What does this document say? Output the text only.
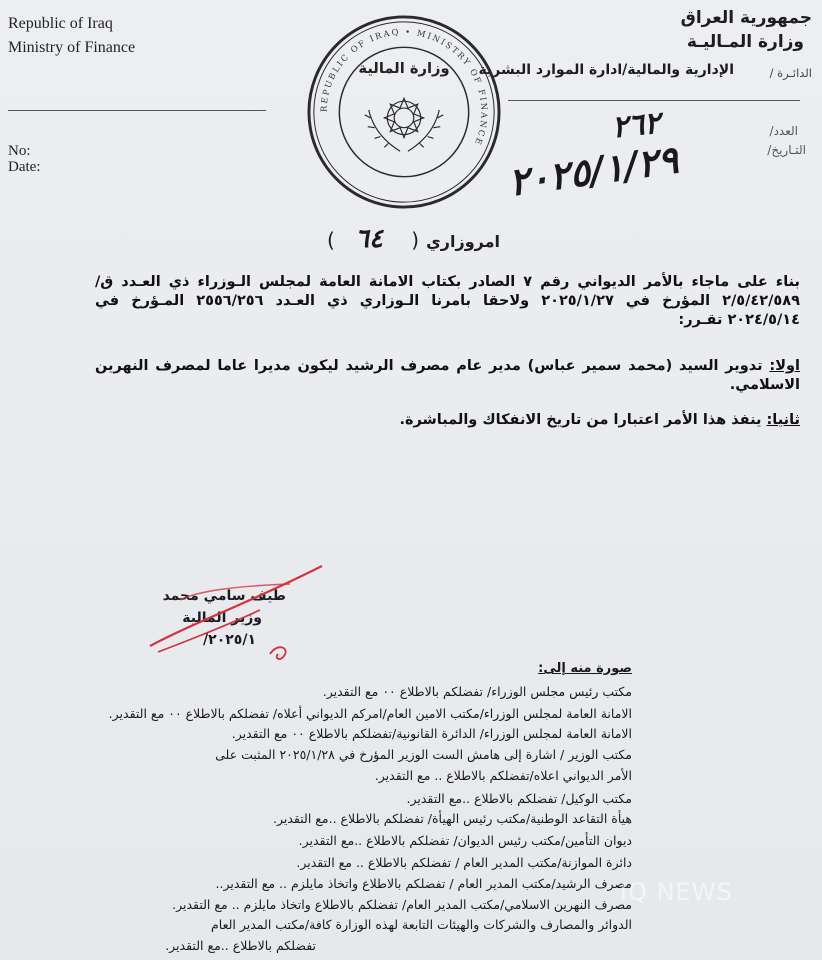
Republic of Iraq
Ministry of Finance
No:
Date:
جمهورية العراق
وزارة المـاليـة
الدائـرة /
الإدارية والمالية/ادارة الموارد البشرية
العدد/
التـاريخ/
٢٦٢
٢٠٢٥/١/٢٩
REPUBLIC OF IRAQ • MINISTRY OF FINANCE
وزارة المالية
امروزاري
( ٦٤ )
بناء على ماجاء بالأمر الديواني رقم ٧ الصادر بكتاب الامانة العامة لمجلس الـوزراء ذي العـدد ق/٢/٥/٤٢/٥٨٩ المؤرخ في ٢٠٢٥/١/٢٧ ولاحقا بامرنا الـوزاري ذي العـدد ٢٥٥٦/٢٥٦ المـؤرخ في ٢٠٢٤/٥/١٤ تقـرر:
اولا: تدوير السيد (محمد سمير عباس) مدير عام مصرف الرشيد ليكون مديرا عاما لمصرف النهرين الاسلامي.
ثانيا: ينفذ هذا الأمر اعتبارا من تاريخ الانفكاك والمباشرة.
طيف سامي محمد
وزير المالية
٢٠٢٥/١/
صورة منه إلى:
مكتب رئيس مجلس الوزراء/ تفضلكم بالاطلاع ٠٠ مع التقدير.
الامانة العامة لمجلس الوزراء/مكتب الامين العام/امركم الديواني أعلاه/ تفضلكم بالاطلاع ٠٠ مع التقدير.
الامانة العامة لمجلس الوزراء/ الدائرة القانونية/تفضلكم بالاطلاع ٠٠ مع التقدير.
مكتب الوزير / اشارة إلى هامش الست الوزير المؤرخ في ٢٠٢٥/١/٢٨ المثبت على
الأمر الديواني اعلاه/تفضلكم بالاطلاع .. مع التقدير.
مكتب الوكيل/ تفضلكم بالاطلاع ..مع التقدير.
هيأة التقاعد الوطنية/مكتب رئيس الهيأة/ تفضلكم بالاطلاع ..مع التقدير.
ديوان التأمين/مكتب رئيس الديوان/ تفضلكم بالاطلاع ..مع التقدير.
دائرة الموازنة/مكتب المدير العام / تفضلكم بالاطلاع .. مع التقدير.
مصرف الرشيد/مكتب المدير العام / تفضلكم بالاطلاع واتخاذ مايلزم .. مع التقدير..
مصرف النهرين الاسلامي/مكتب المدير العام/ تفضلكم بالاطلاع واتخاذ مايلزم .. مع التقدير.
الدوائر والمصارف والشركات والهيئات التابعة لهذه الوزارة كافة/مكتب المدير العام
تفضلكم بالاطلاع ..مع التقدير.
IQ NEWS
